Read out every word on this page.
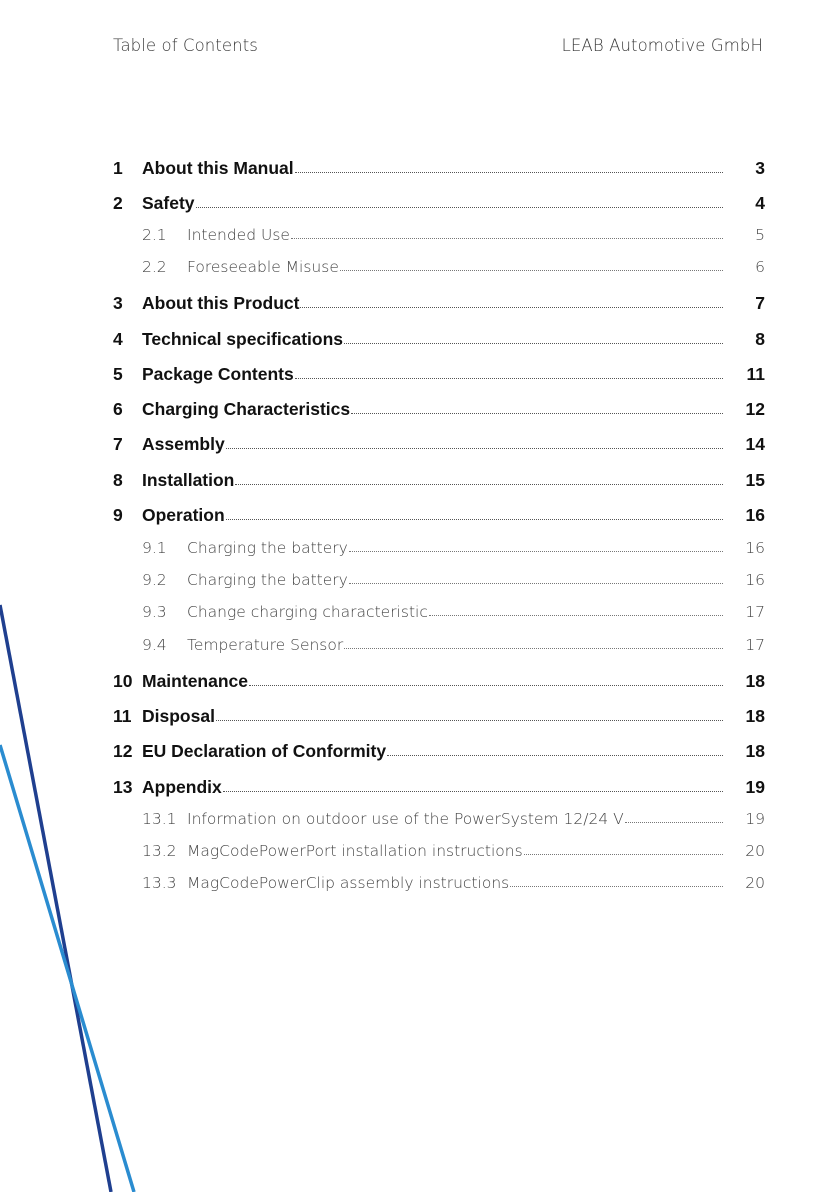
Table of Contents	LEAB Automotive GmbH
1	About this Manual	3
2	Safety	4
2.1	Intended Use	5
2.2	Foreseeable Misuse	6
3	About this Product	7
4	Technical specifications	8
5	Package Contents	11
6	Charging Characteristics	12
7	Assembly	14
8	Installation	15
9	Operation	16
9.1	Charging the battery	16
9.2	Charging the battery	16
9.3	Change charging characteristic	17
9.4	Temperature Sensor	17
10 Maintenance	18
11 Disposal	18
12 EU Declaration of Conformity	18
13 Appendix	19
13.1 Information on outdoor use of the PowerSystem 12/24 V	19
13.2 MagCodePowerPort installation instructions	20
13.3 MagCodePowerClip assembly instructions	20
